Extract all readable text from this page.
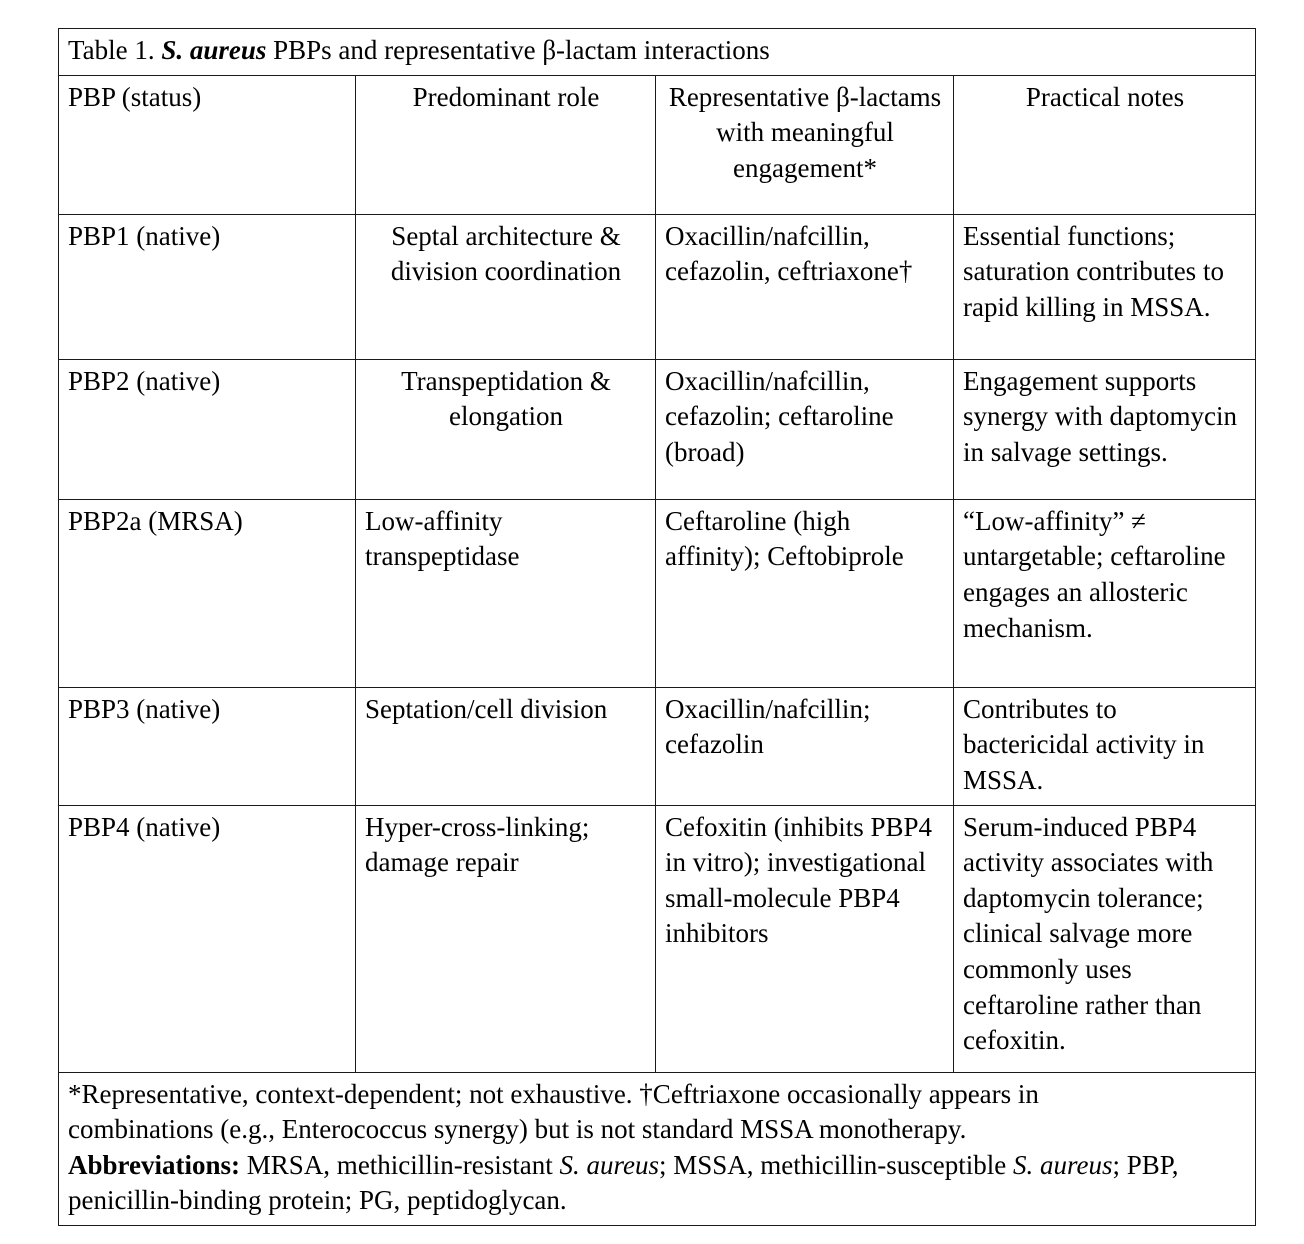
Table 1. S. aureus PBPs and representative β-lactam interactions			
PBP (status)	Predominant role	Representative β-lactams with meaningful engagement*	Practical notes
PBP1 (native)	Septal architecture & division coordination	Oxacillin/nafcillin, cefazolin, ceftriaxone†	Essential functions; saturation contributes to rapid killing in MSSA.
PBP2 (native)	Transpeptidation & elongation	Oxacillin/nafcillin, cefazolin; ceftaroline (broad)	Engagement supports synergy with daptomycin in salvage settings.
PBP2a (MRSA)	Low-affinity transpeptidase	Ceftaroline (high affinity); Ceftobiprole	“Low-affinity” ≠ untargetable; ceftaroline engages an allosteric mechanism.
PBP3 (native)	Septation/cell division	Oxacillin/nafcillin; cefazolin	Contributes to bactericidal activity in MSSA.
PBP4 (native)	Hyper-cross-linking; damage repair	Cefoxitin (inhibits PBP4 in vitro); investigational small-molecule PBP4 inhibitors	Serum-induced PBP4 activity associates with daptomycin tolerance; clinical salvage more commonly uses ceftaroline rather than cefoxitin.

*Representative, context-dependent; not exhaustive. †Ceftriaxone occasionally appears in
combinations (e.g., Enterococcus synergy) but is not standard MSSA monotherapy.
Abbreviations: MRSA, methicillin-resistant S. aureus; MSSA, methicillin-susceptible S. aureus; PBP, penicillin-binding protein; PG, peptidoglycan.			
